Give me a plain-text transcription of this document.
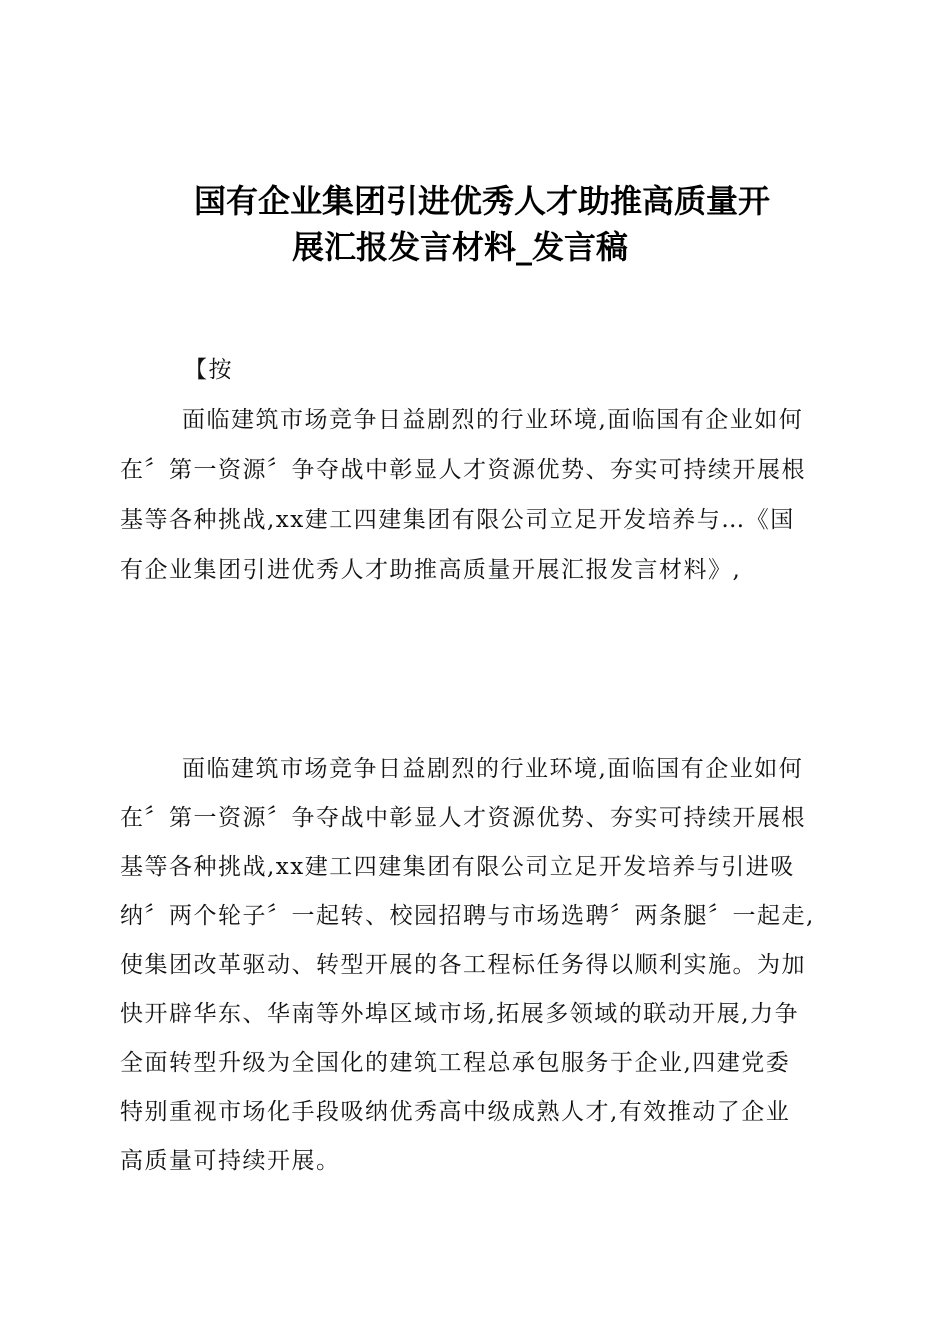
国有企业集团引进优秀人才助推高质量开
展汇报发言材料_发言稿
【按
面临建筑市场竞争日益剧烈的行业环境,面临国有企业如何
在〞第一资源〞争夺战中彰显人才资源优势、夯实可持续开展根
基等各种挑战,xx建工四建集团有限公司立足开发培养与…《国
有企业集团引进优秀人才助推高质量开展汇报发言材料》,
面临建筑市场竞争日益剧烈的行业环境,面临国有企业如何
在〞第一资源〞争夺战中彰显人才资源优势、夯实可持续开展根
基等各种挑战,xx建工四建集团有限公司立足开发培养与引进吸
纳〞两个轮子〞一起转、校园招聘与市场选聘〞两条腿〞一起走,
使集团改革驱动、转型开展的各工程标任务得以顺利实施。为加
快开辟华东、华南等外埠区域市场,拓展多领域的联动开展,力争
全面转型升级为全国化的建筑工程总承包服务于企业,四建党委
特别重视市场化手段吸纳优秀高中级成熟人才,有效推动了企业
高质量可持续开展。
